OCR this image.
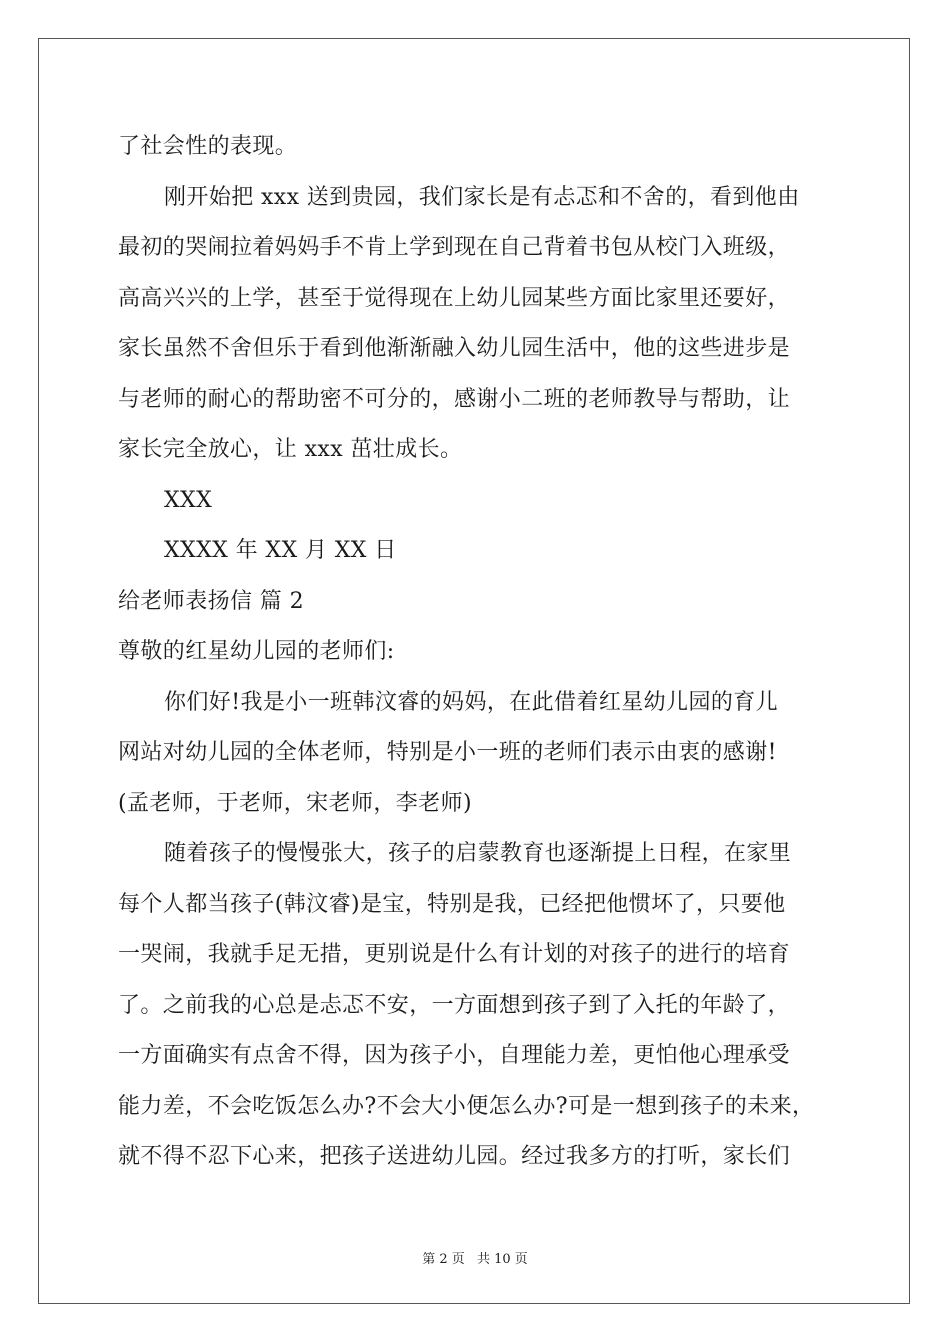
了社会性的表现。
刚开始把 xxx 送到贵园，我们家长是有忐忑和不舍的，看到他由
最初的哭闹拉着妈妈手不肯上学到现在自己背着书包从校门入班级，
高高兴兴的上学，甚至于觉得现在上幼儿园某些方面比家里还要好，
家长虽然不舍但乐于看到他渐渐融入幼儿园生活中，他的这些进步是
与老师的耐心的帮助密不可分的，感谢小二班的老师教导与帮助，让
家长完全放心，让 xxx 茁壮成长。
XXX
XXXX 年 XX 月 XX 日
给老师表扬信 篇 2
尊敬的红星幼儿园的老师们:
你们好!我是小一班韩汶睿的妈妈，在此借着红星幼儿园的育儿
网站对幼儿园的全体老师，特别是小一班的老师们表示由衷的感谢!
(孟老师，于老师，宋老师，李老师)
随着孩子的慢慢张大，孩子的启蒙教育也逐渐提上日程，在家里
每个人都当孩子(韩汶睿)是宝，特别是我，已经把他惯坏了，只要他
一哭闹，我就手足无措，更别说是什么有计划的对孩子的进行的培育
了。之前我的心总是忐忑不安，一方面想到孩子到了入托的年龄了，
一方面确实有点舍不得，因为孩子小，自理能力差，更怕他心理承受
能力差，不会吃饭怎么办?不会大小便怎么办?可是一想到孩子的未来，
就不得不忍下心来，把孩子送进幼儿园。经过我多方的打听，家长们
第 2 页 共 10 页
